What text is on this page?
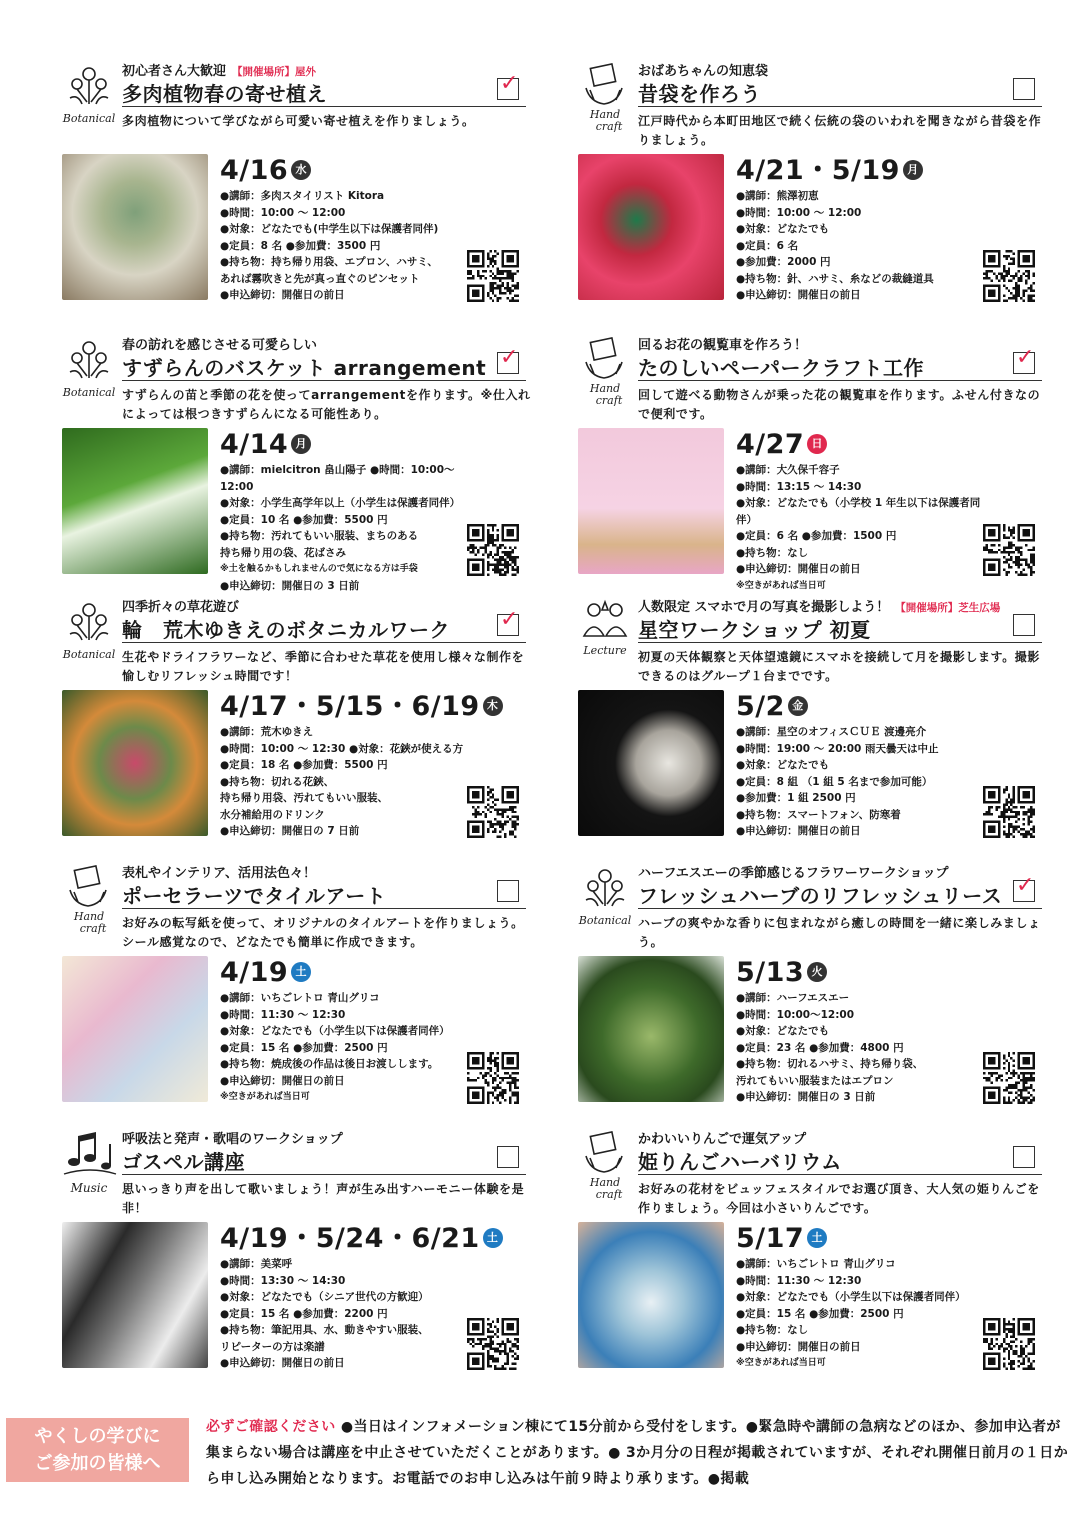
Botanical
初心者さん大歓迎 【開催場所】屋外
多肉植物春の寄せ植え	✓
多肉植物について学びながら可愛い寄せ植えを作りましょう。
4/16 水
●講師：多肉スタイリスト Kitora
●時間：10:00 ～ 12:00
●対象：どなたでも(中学生以下は保護者同伴)
●定員：8 名 ●参加費：3500 円
●持ち物：持ち帰り用袋、エプロン、ハサミ、
あれば霧吹きと先が真っ直ぐのピンセット
●申込締切：開催日の前日
Hand
craft
おばあちゃんの知恵袋
昔袋を作ろう
江戸時代から本町田地区で続く伝統の袋のいわれを聞きながら昔袋を作りましょう。
4/21・5/19 月
●講師：熊澤初恵
●時間：10:00 ～ 12:00
●対象：どなたでも
●定員：6 名
●参加費：2000 円
●持ち物：針、ハサミ、糸などの裁縫道具
●申込締切：開催日の前日
Botanical
春の訪れを感じさせる可愛らしい
すずらんのバスケット arrangement ✓
すずらんの苗と季節の花を使ってarrangementを作ります。※仕入れによっては根つきすずらんになる可能性あり。
4/14 月
●講師：mielcitron 畠山陽子 ●時間：10:00～12:00
●対象：小学生高学年以上（小学生は保護者同伴）
●定員：10 名 ●参加費：5500 円
●持ち物：汚れてもいい服装、まちのある
持ち帰り用の袋、花ばさみ
※土を触るかもしれませんので気になる方は手袋
●申込締切：開催日の 3 日前
Hand
craft
回るお花の観覧車を作ろう！
たのしいペーパークラフト工作	✓
回して遊べる動物さんが乗った花の観覧車を作ります。ふせん付きなので便利です。
4/27 日
●講師：大久保千容子
●時間：13:15 ～ 14:30
●対象：どなたでも（小学校 1 年生以下は保護者同伴）
●定員：6 名 ●参加費：1500 円
●持ち物：なし
●申込締切：開催日の前日
※空きがあれば当日可
Botanical
四季折々の草花遊び
輪　荒木ゆきえのボタニカルワーク ✓
生花やドライフラワーなど、季節に合わせた草花を使用し様々な制作を愉しむリフレッシュ時間です！
4/17・5/15・6/19 木
●講師：荒木ゆきえ
●時間：10:00 ～ 12:30 ●対象：花鋏が使える方
●定員：18 名 ●参加費：5500 円
●持ち物：切れる花鋏、
持ち帰り用袋、汚れてもいい服装、
水分補給用のドリンク
●申込締切：開催日の 7 日前
Lecture
人数限定 スマホで月の写真を撮影しよう！ 【開催場所】芝生広場
星空ワークショップ 初夏
初夏の天体観察と天体望遠鏡にスマホを接続して月を撮影します。撮影できるのはグループ１台までです。
5/2 金
●講師：星空のオフィスＣＵＥ 渡邊亮介
●時間：19:00 ～ 20:00 雨天曇天は中止
●対象：どなたでも
●定員：8 組 （1 組 5 名まで参加可能）
●参加費：1 組 2500 円
●持ち物：スマートフォン、防寒着
●申込締切：開催日の前日
Hand
craft
表札やインテリア、活用法色々！
ポーセラーツでタイルアート
お好みの転写紙を使って、オリジナルのタイルアートを作りましょう。シール感覚なので、どなたでも簡単に作成できます。
4/19 土
●講師：いちごレトロ 青山グリコ
●時間：11:30 ～ 12:30
●対象：どなたでも（小学生以下は保護者同伴）
●定員：15 名 ●参加費：2500 円
●持ち物：焼成後の作品は後日お渡しします。
●申込締切：開催日の前日
※空きがあれば当日可
Botanical
ハーフエスエーの季節感じるフラワーワークショップ
フレッシュハーブのリフレッシュリース ✓
ハーブの爽やかな香りに包まれながら癒しの時間を一緒に楽しみましょう。
5/13 火
●講師：ハーフエスエー
●時間：10:00～12:00
●対象：どなたでも
●定員：23 名 ●参加費：4800 円
●持ち物：切れるハサミ、持ち帰り袋、
汚れてもいい服装またはエプロン
●申込締切：開催日の 3 日前
Music
呼吸法と発声・歌唱のワークショップ
ゴスペル講座
思いっきり声を出して歌いましょう！声が生み出すハーモニー体験を是非！
4/19・5/24・6/21 土
●講師：美菜呼
●時間：13:30 ～ 14:30
●対象：どなたでも（シニア世代の方歓迎）
●定員：15 名 ●参加費：2200 円
●持ち物：筆記用具、水、動きやすい服装、
リピーターの方は楽譜
●申込締切：開催日の前日
Hand
craft
かわいいりんごで運気アップ
姫りんごハーバリウム
お好みの花材をビュッフェスタイルでお選び頂き、大人気の姫りんごを作りましょう。今回は小さいりんごです。
5/17 土
●講師：いちごレトロ 青山グリコ
●時間：11:30 ～ 12:30
●対象：どなたでも（小学生以下は保護者同伴）
●定員：15 名 ●参加費：2500 円
●持ち物：なし
●申込締切：開催日の前日
※空きがあれば当日可
やくしの学びに
ご参加の皆様へ
必ずご確認ください ●当日はインフォメーション棟にて15分前から受付をします。●緊急時や講師の急病などのほか、参加申込者が集まらない場合は講座を中止させていただくことがあります。● 3か月分の日程が掲載されていますが、それぞれ開催日前月の１日から申し込み開始となります。お電話でのお申し込みは午前９時より承ります。●掲載
